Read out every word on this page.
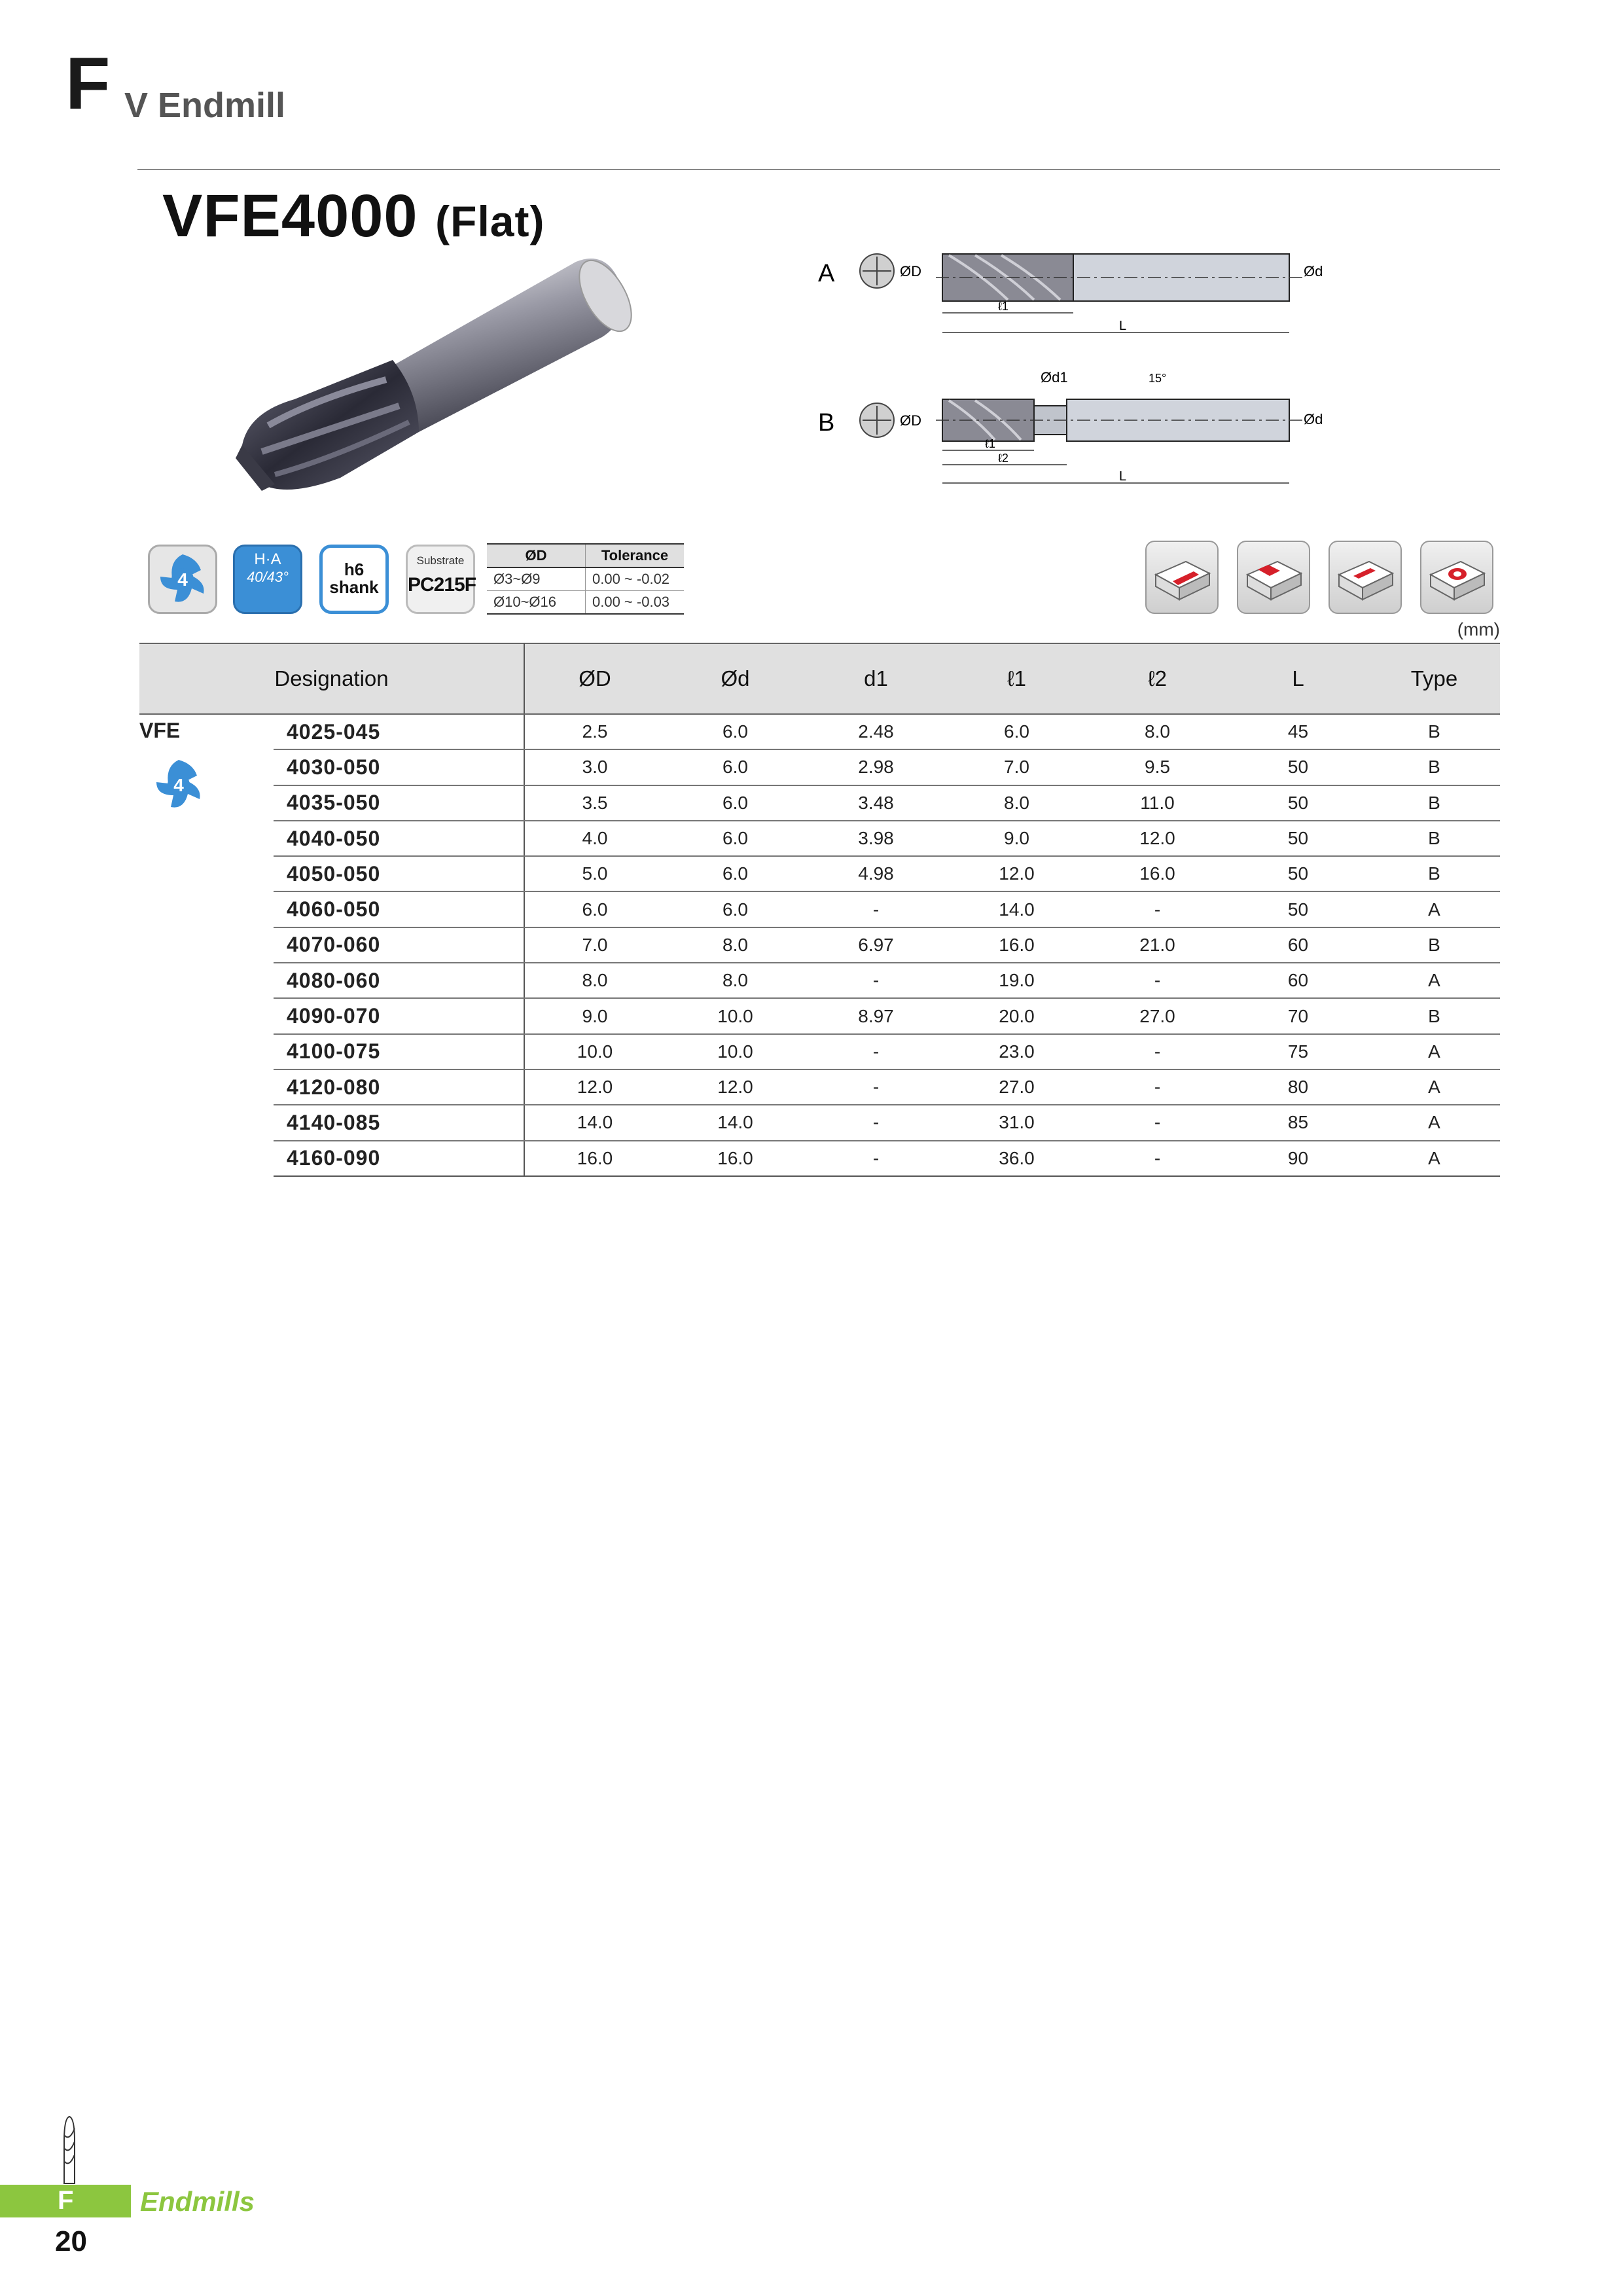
F V Endmill
VFE4000 (Flat)
A	ØD	Ød
ℓ1
L
B	ØD
Ød1	15°
Ød
ℓ1
ℓ2
L
4
H·A
40/43°	h6
shank
Substrate
PC215F
ØD	Tolerance
Ø3~Ø9	0.00 ~ -0.02
Ø10~Ø16	0.00 ~ -0.03
(mm)
Designation		ØD	Ød	d1	ℓ1	ℓ2	L	Type

VFE
4	4025-045	2.5	6.0	2.48	6.0	8.0	45	B
	4030-050	3.0	6.0	2.98	7.0	9.5	50	B
	4035-050	3.5	6.0	3.48	8.0	11.0	50	B
	4040-050	4.0	6.0	3.98	9.0	12.0	50	B
	4050-050	5.0	6.0	4.98	12.0	16.0	50	B
	4060-050	6.0	6.0	-	14.0	-	50	A
	4070-060	7.0	8.0	6.97	16.0	21.0	60	B
	4080-060	8.0	8.0	-	19.0	-	60	A
	4090-070	9.0	10.0	8.97	20.0	27.0	70	B
	4100-075	10.0	10.0	-	23.0	-	75	A
	4120-080	12.0	12.0	-	27.0	-	80	A
	4140-085	14.0	14.0	-	31.0	-	85	A
	4160-090	16.0	16.0	-	36.0	-	90	A
F Endmills
20
